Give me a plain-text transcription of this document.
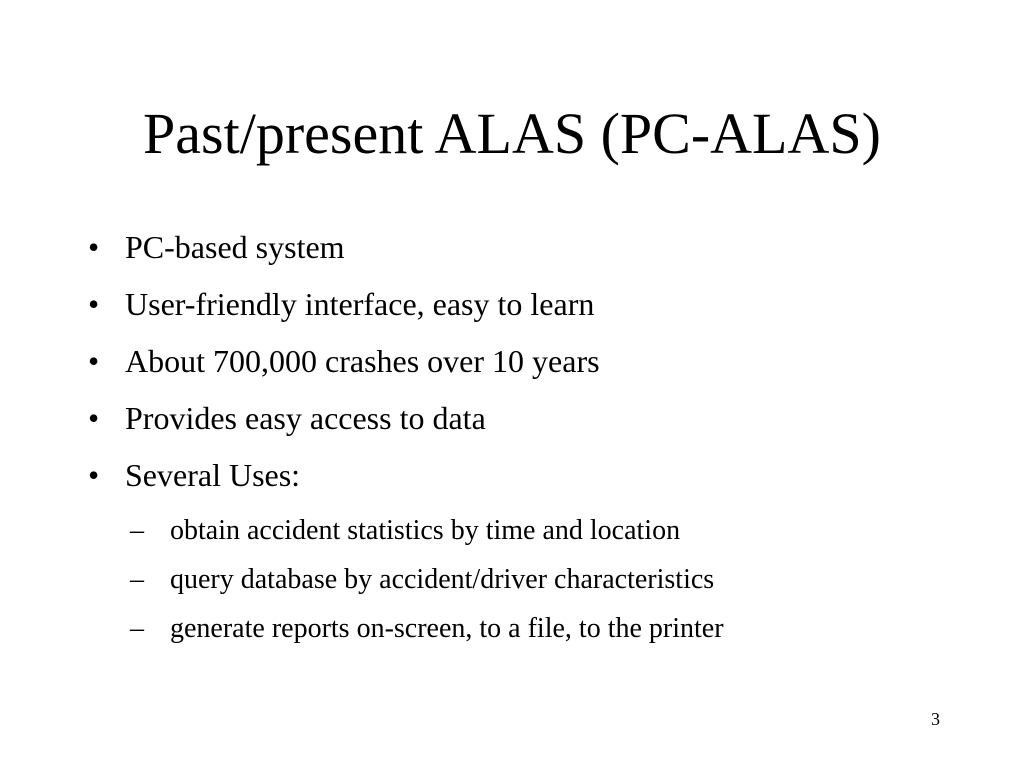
Past/present ALAS (PC-ALAS)
• PC-based system
• User-friendly interface, easy to learn
• About 700,000 crashes over 10 years
• Provides easy access to data
• Several Uses:
– obtain accident statistics by time and location
– query database by accident/driver characteristics
– generate reports on-screen, to a file, to the printer
3
